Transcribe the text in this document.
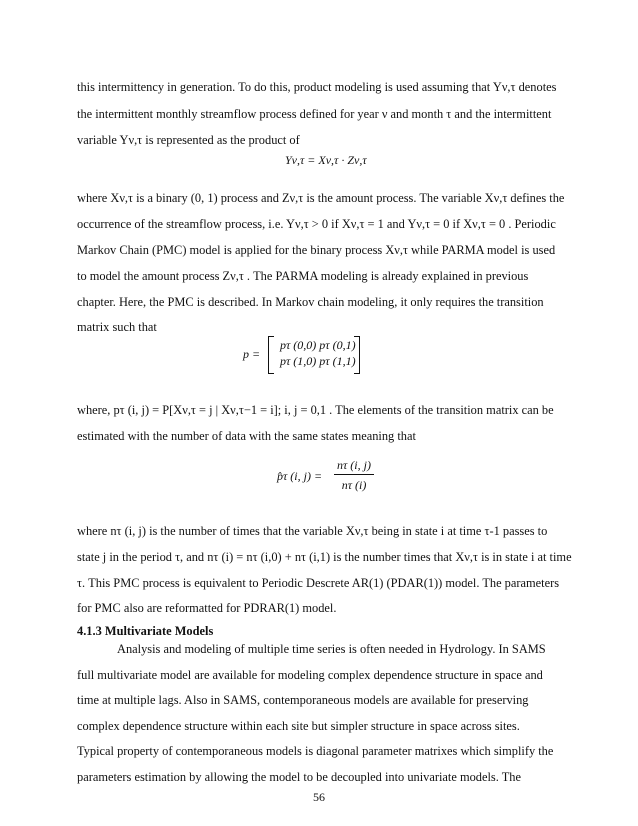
this intermittency in generation. To do this, product modeling is used assuming that Yν,τ denotes
the intermittent monthly streamflow process defined for year ν and month τ and the intermittent
variable Yν,τ is represented as the product of
Yν,τ = Xν,τ · Zν,τ
where Xν,τ is a binary (0, 1) process and Zν,τ is the amount process. The variable Xν,τ defines the
occurrence of the streamflow process, i.e. Yν,τ > 0 if Xν,τ = 1 and Yν,τ = 0 if Xν,τ = 0 . Periodic
Markov Chain (PMC) model is applied for the binary process Xν,τ while PARMA model is used
to model the amount process Zν,τ . The PARMA modeling is already explained in previous
chapter. Here, the PMC is described. In Markov chain modeling, it only requires the transition
matrix such that
p =
pτ (0,0) pτ (0,1)
pτ (1,0) pτ (1,1)
where, pτ (i, j) = P[Xν,τ = j | Xν,τ−1 = i]; i, j = 0,1 . The elements of the transition matrix can be
estimated with the number of data with the same states meaning that
p̂τ (i, j) =
nτ (i, j)
nτ (i)
where nτ (i, j) is the number of times that the variable Xν,τ being in state i at time τ-1 passes to
state j in the period τ, and nτ (i) = nτ (i,0) + nτ (i,1) is the number times that Xν,τ is in state i at time
τ. This PMC process is equivalent to Periodic Descrete AR(1) (PDAR(1)) model. The parameters
for PMC also are reformatted for PDRAR(1) model.
4.1.3 Multivariate Models
Analysis and modeling of multiple time series is often needed in Hydrology. In SAMS
full multivariate model are available for modeling complex dependence structure in space and
time at multiple lags. Also in SAMS, contemporaneous models are available for preserving
complex dependence structure within each site but simpler structure in space across sites.
Typical property of contemporaneous models is diagonal parameter matrixes which simplify the
parameters estimation by allowing the model to be decoupled into univariate models. The
56
